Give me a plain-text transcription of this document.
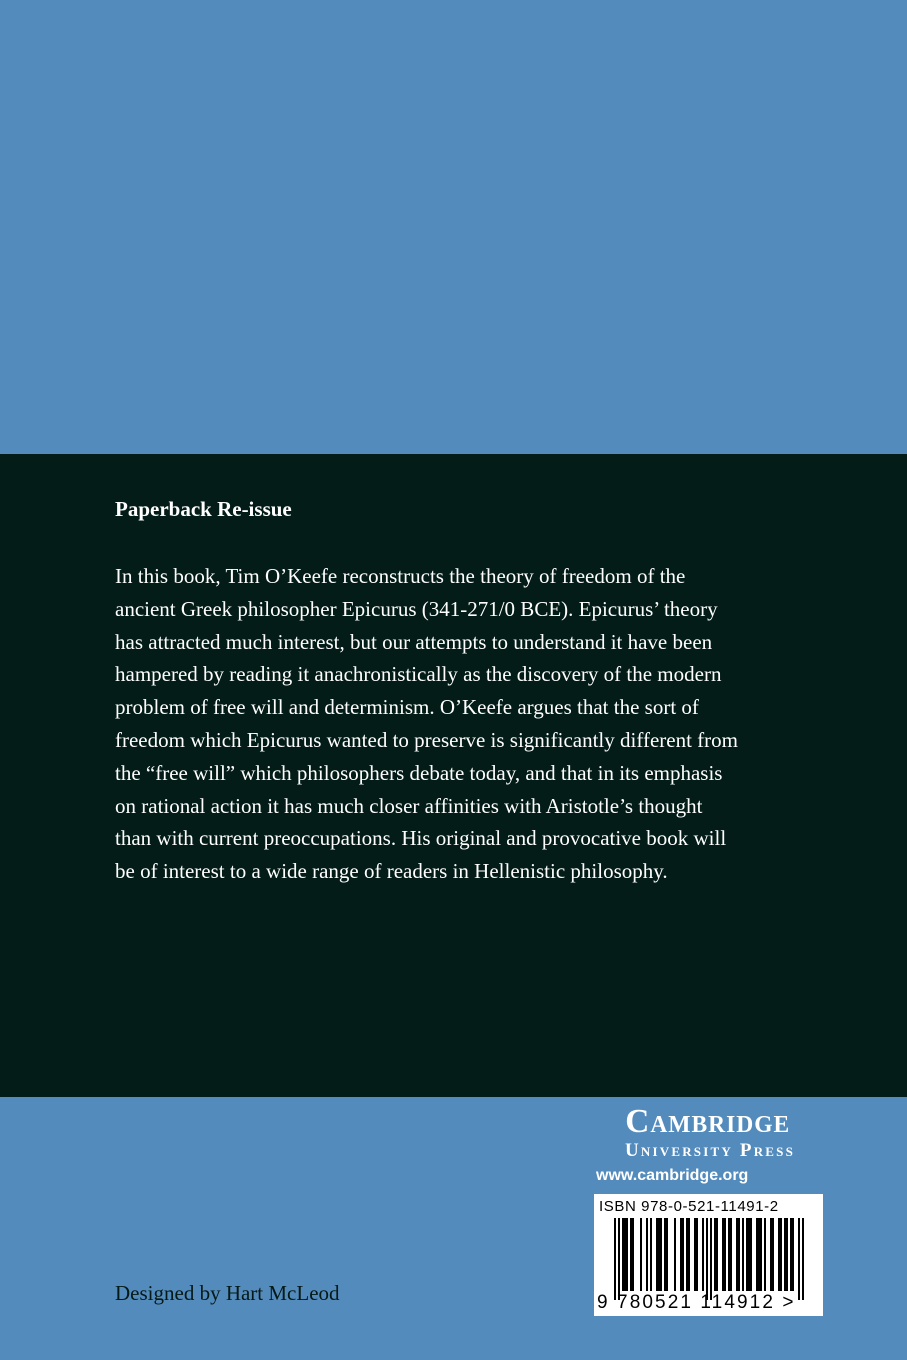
Paperback Re-issue
In this book, Tim O’Keefe reconstructs the theory of freedom of the
ancient Greek philosopher Epicurus (341-271/0 BCE). Epicurus’ theory
has attracted much interest, but our attempts to understand it have been
hampered by reading it anachronistically as the discovery of the modern
problem of free will and determinism. O’Keefe argues that the sort of
freedom which Epicurus wanted to preserve is significantly different from
the “free will” which philosophers debate today, and that in its emphasis
on rational action it has much closer affinities with Aristotle’s thought
than with current preoccupations. His original and provocative book will
be of interest to a wide range of readers in Hellenistic philosophy.
Cambridge
University Press
www.cambridge.org
ISBN 978-0-521-11491-2
9 780521 114912 >
Designed by Hart McLeod
